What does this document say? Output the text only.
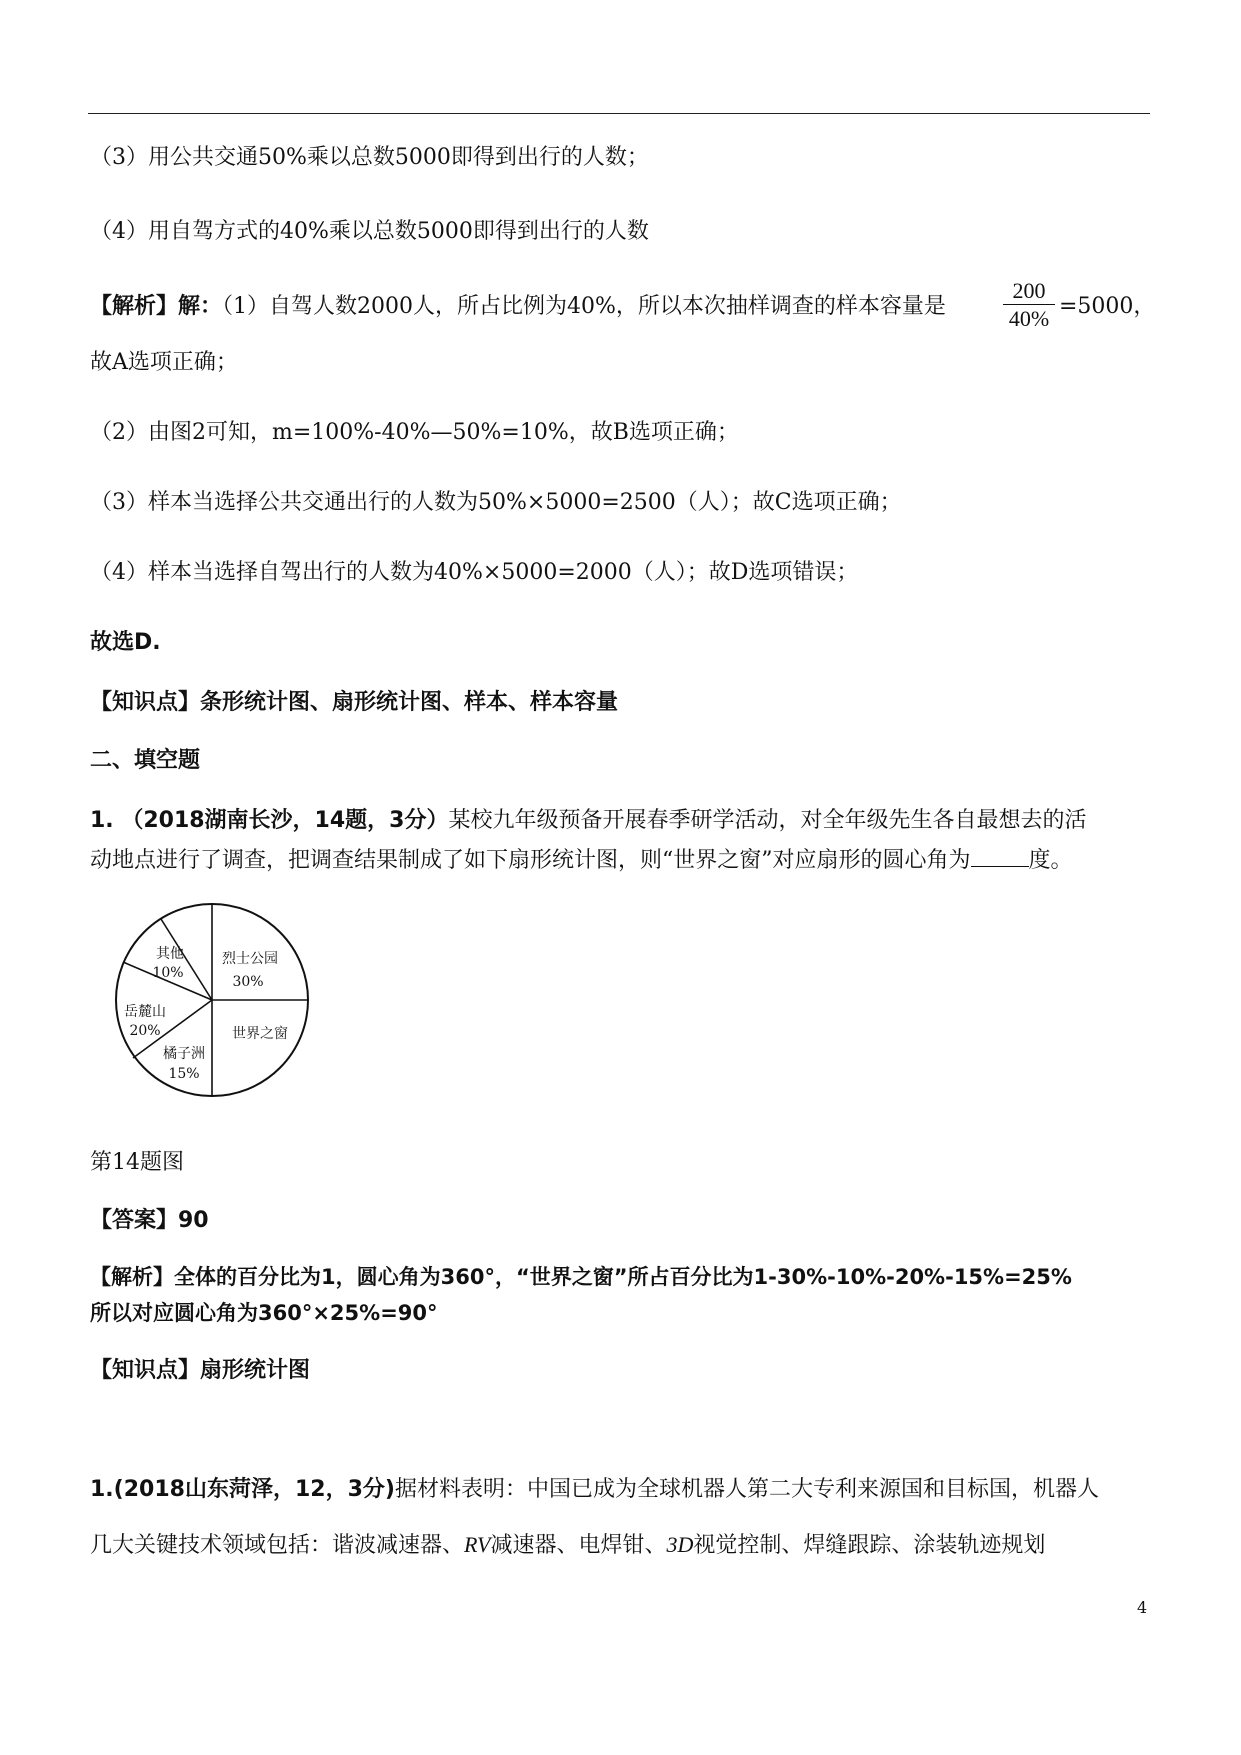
（3）用公共交通50%乘以总数5000即得到出行的人数；
（4）用自驾方式的40%乘以总数5000即得到出行的人数
【解析】解：（1）自驾人数2000人，所占比例为40%，所以本次抽样调查的样本容量是	$\frac{200}{40\%} =5000$，
故A选项正确；
（2）由图2可知，m=100%-40%—50%=10%，故B选项正确；
（3）样本当选择公共交通出行的人数为50%×5000=2500（人）；故C选项正确；
（4）样本当选择自驾出行的人数为40%×5000=2000（人）；故D选项错误；
故选D.
【知识点】条形统计图、扇形统计图、样本、样本容量
二、填空题
1. （2018湖南长沙，14题，3分）某校九年级预备开展春季研学活动，对全年级先生各自最想去的活
动地点进行了调查，把调查结果制成了如下扇形统计图，则“世界之窗”对应扇形的圆心角为	度。
其他
10%
烈士公园
30%
岳麓山
20%	世界之窗
橘子洲
15%
第14题图
【答案】90
【解析】全体的百分比为1，圆心角为360°，“世界之窗”所占百分比为1-30%-10%-20%-15%=25%
所以对应圆心角为360°×25%=90°
【知识点】扇形统计图
1.(2018山东菏泽，12，3分)据材料表明：中国已成为全球机器人第二大专利来源国和目标国，机器人
几大关键技术领域包括：谐波减速器、RV减速器、电焊钳、3D视觉控制、焊缝跟踪、涂装轨迹规划
4
